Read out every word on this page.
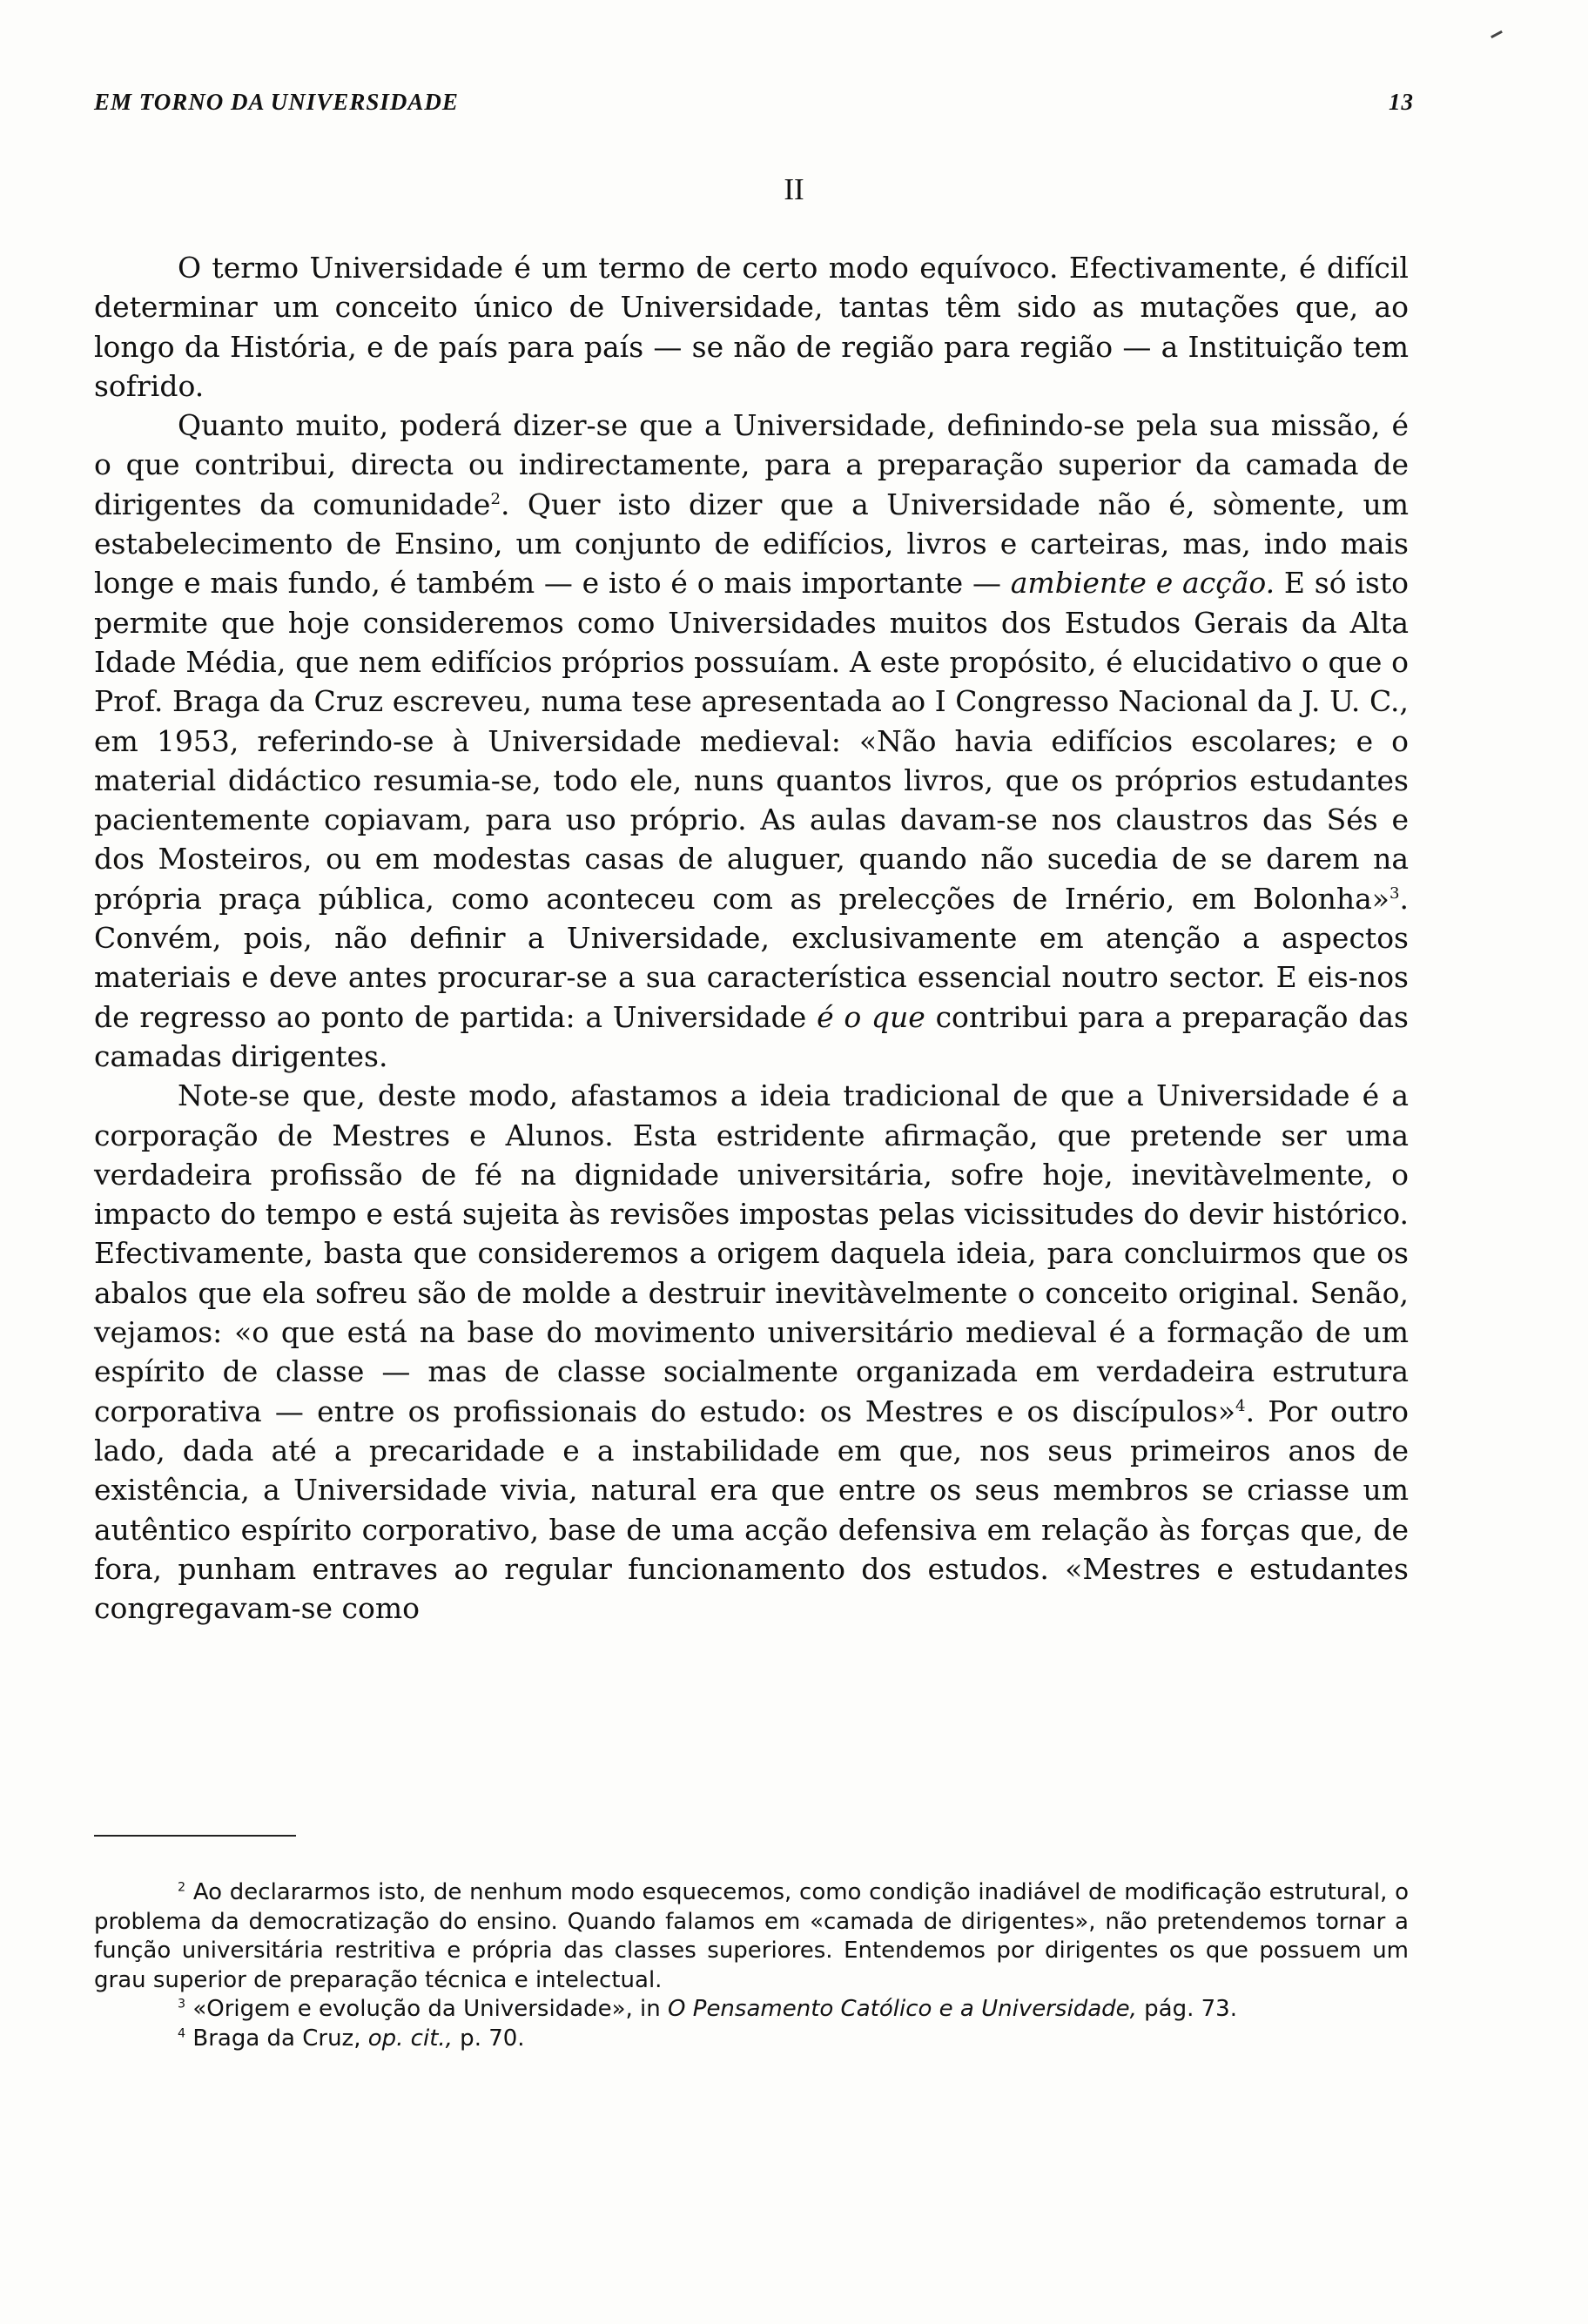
EM TORNO DA UNIVERSIDADE	13
II

O termo Universidade é um termo de certo modo equívoco. Efectivamente, é difícil determinar um conceito único de Universidade, tantas têm sido as mutações que, ao longo da História, e de país para país — se não de região para região — a Instituição tem sofrido.

Quanto muito, poderá dizer-se que a Universidade, definindo-se pela sua missão, é o que contribui, directa ou indirectamente, para a preparação superior da camada de dirigentes da comunidade$^2$. Quer isto dizer que a Universidade não é, sòmente, um estabelecimento de Ensino, um conjunto de edifícios, livros e carteiras, mas, indo mais longe e mais fundo, é também — e isto é o mais importante — ambiente e acção. E só isto permite que hoje consideremos como Universidades muitos dos Estudos Gerais da Alta Idade Média, que nem edifícios próprios possuíam. A este propósito, é elucidativo o que o Prof. Braga da Cruz escreveu, numa tese apresentada ao I Congresso Nacional da J. U. C., em 1953, referindo-se à Universidade medieval: «Não havia edifícios escolares; e o material didáctico resumia-se, todo ele, nuns quantos livros, que os próprios estudantes pacientemente copiavam, para uso próprio. As aulas davam-se nos claustros das Sés e dos Mosteiros, ou em modestas casas de aluguer, quando não sucedia de se darem na própria praça pública, como aconteceu com as prelecções de Irnério, em Bolonha»$^3$. Convém, pois, não definir a Universidade, exclusivamente em atenção a aspectos materiais e deve antes procurar-se a sua característica essencial noutro sector. E eis-nos de regresso ao ponto de partida: a Universidade é o que contribui para a preparação das camadas dirigentes.

Note-se que, deste modo, afastamos a ideia tradicional de que a Universidade é a corporação de Mestres e Alunos. Esta estridente afirmação, que pretende ser uma verdadeira profissão de fé na dignidade universitária, sofre hoje, inevitàvelmente, o impacto do tempo e está sujeita às revisões impostas pelas vicissitudes do devir histórico. Efectivamente, basta que consideremos a origem daquela ideia, para concluirmos que os abalos que ela sofreu são de molde a destruir inevitàvelmente o conceito original. Senão, vejamos: «o que está na base do movimento universitário medieval é a formação de um espírito de classe — mas de classe socialmente organizada em verdadeira estrutura corporativa — entre os profissionais do estudo: os Mestres e os discípulos»$^4$. Por outro lado, dada até a precaridade e a instabilidade em que, nos seus primeiros anos de existência, a Universidade vivia, natural era que entre os seus membros se criasse um autêntico espírito corporativo, base de uma acção defensiva em relação às forças que, de fora, punham entraves ao regular funcionamento dos estudos. «Mestres e estudantes congregavam-se como

$^2$ Ao declararmos isto, de nenhum modo esquecemos, como condição inadiável de modificação estrutural, o problema da democratização do ensino. Quando falamos em «camada de dirigentes», não pretendemos tornar a função universitária restritiva e própria das classes superiores. Entendemos por dirigentes os que possuem um grau superior de preparação técnica e intelectual.

$^3$ «Origem e evolução da Universidade», in O Pensamento Católico e a Universidade, pág. 73.

$^4$ Braga da Cruz, op. cit., p. 70.
